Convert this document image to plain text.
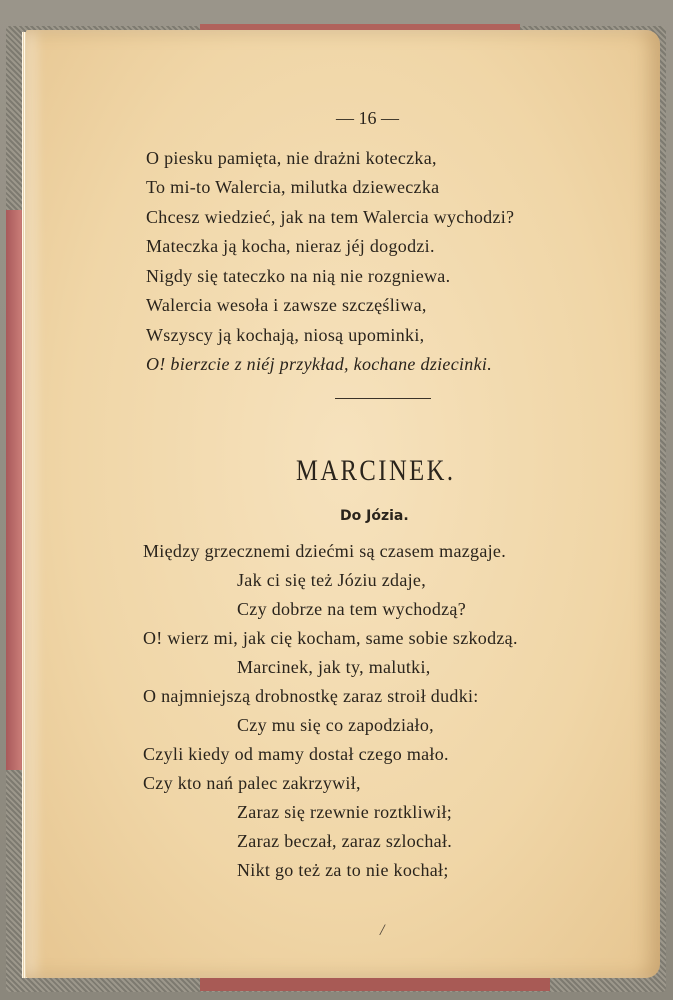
— 16 —
O piesku pamięta, nie drażni koteczka,
To mi-to Walercia, milutka dzieweczka
Chcesz wiedzieć, jak na tem Walercia wychodzi?
Mateczka ją kocha, nieraz jéj dogodzi.
Nigdy się tateczko na nią nie rozgniewa.
Walercia wesoła i zawsze szczęśliwa,
Wszyscy ją kochają, niosą upominki,
O! bierzcie z niéj przykład, kochane dziecinki.
MARCINEK.
Do Józia.
Między grzecznemi dziećmi są czasem mazgaje.
Jak ci się też Józiu zdaje,
Czy dobrze na tem wychodzą?
O! wierz mi, jak cię kocham, same sobie szkodzą.
Marcinek, jak ty, malutki,
O najmniejszą drobnostkę zaraz stroił dudki:
Czy mu się co zapodziało,
Czyli kiedy od mamy dostał czego mało.
Czy kto nań palec zakrzywił,
Zaraz się rzewnie roztkliwił;
Zaraz beczał, zaraz szlochał.
Nikt go też za to nie kochał;
/
